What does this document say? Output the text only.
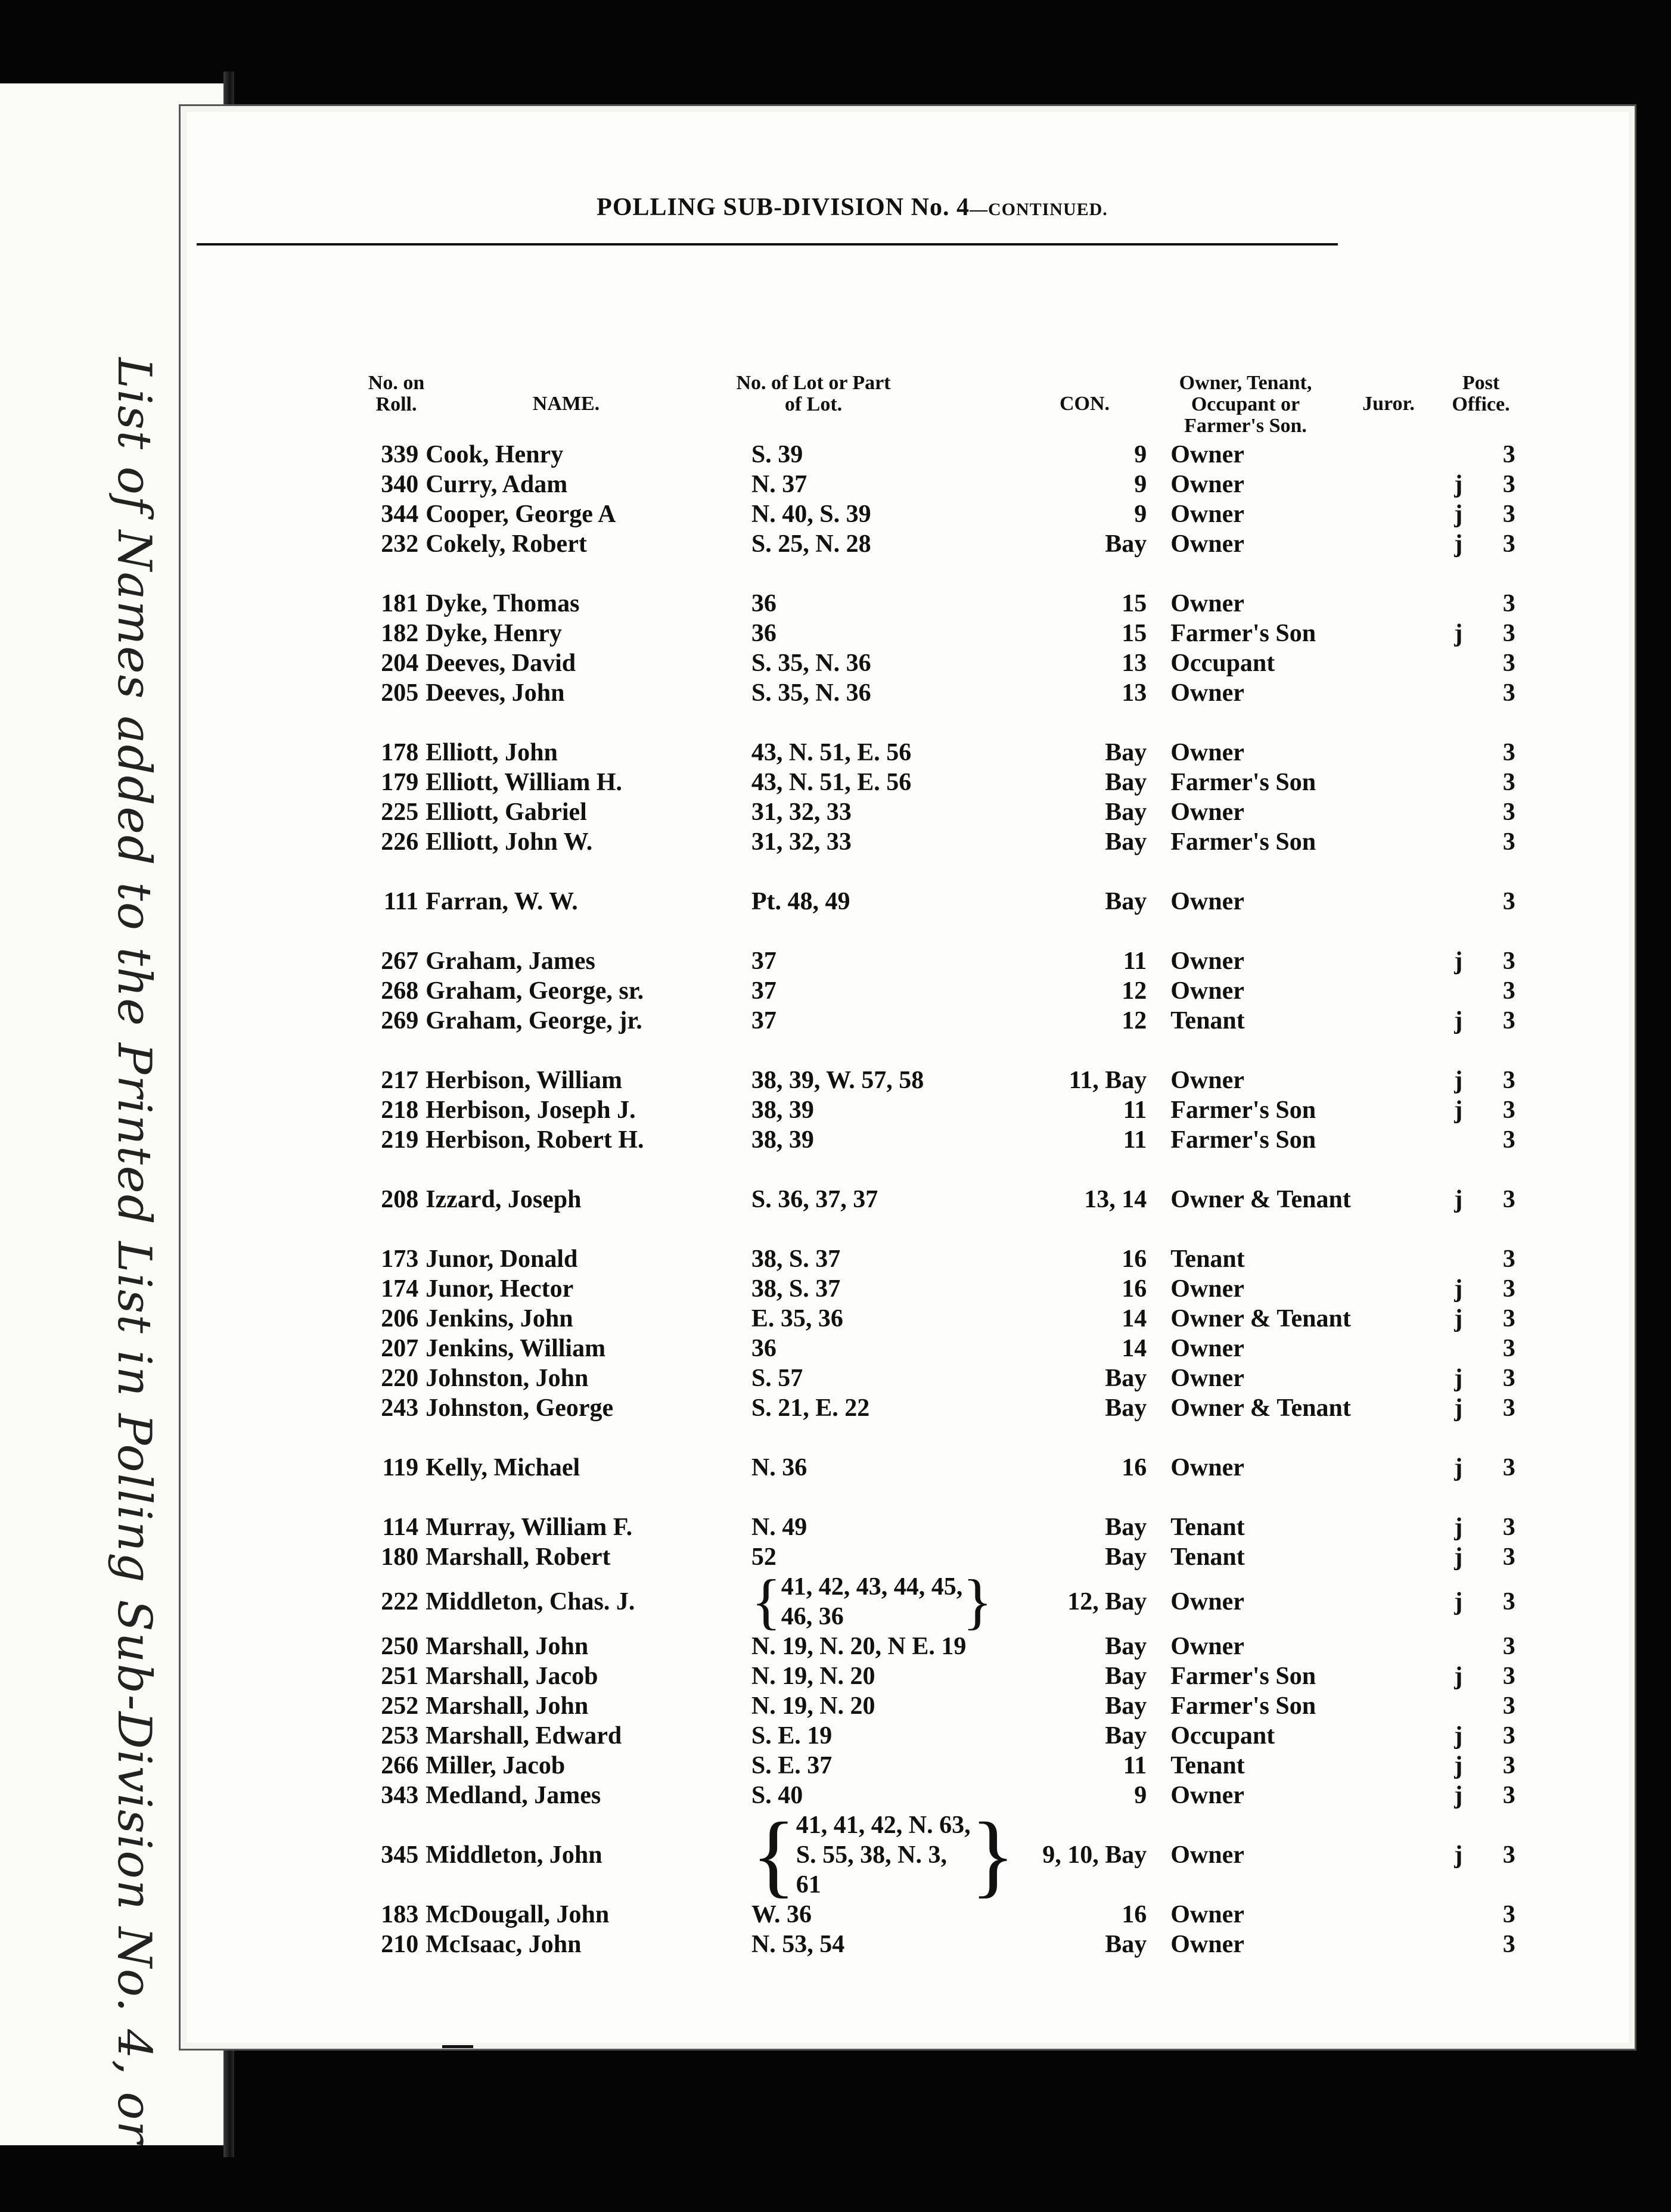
List of Names added to the Printed List in Polling Sub-Division No. 4, or
POLLING SUB-DIVISION No. 4—CONTINUED.
No. on Roll.	NAME.
No. of Lot or Part of Lot.	CON.
Owner, Tenant, Occupant or Farmer's Son.
Juror.
Post Office.
339	Cook, Henry	S. 39	9	Owner		3
340	Curry, Adam	N. 37	9	Owner	j	3
344	Cooper, George A	N. 40, S. 39	9	Owner	j	3
232	Cokely, Robert	S. 25, N. 28	Bay	Owner	j	3

181	Dyke, Thomas	36	15	Owner		3
182	Dyke, Henry	36	15	Farmer's Son	j	3
204	Deeves, David	S. 35, N. 36	13	Occupant		3
205	Deeves, John	S. 35, N. 36	13	Owner		3

178	Elliott, John	43, N. 51, E. 56	Bay	Owner		3
179	Elliott, William H.	43, N. 51, E. 56	Bay	Farmer's Son		3
225	Elliott, Gabriel	31, 32, 33	Bay	Owner		3
226	Elliott, John W.	31, 32, 33	Bay	Farmer's Son		3

111	Farran, W. W.	Pt. 48, 49	Bay	Owner		3

267	Graham, James	37	11	Owner	j	3
268	Graham, George, sr.	37	12	Owner		3
269	Graham, George, jr.	37	12	Tenant	j	3

217	Herbison, William	38, 39, W. 57, 58	11, Bay	Owner	j	3
218	Herbison, Joseph J.	38, 39	11	Farmer's Son	j	3
219	Herbison, Robert H.	38, 39	11	Farmer's Son		3

208	Izzard, Joseph	S. 36, 37, 37	13, 14	Owner & Tenant	j	3

173	Junor, Donald	38, S. 37	16	Tenant		3
174	Junor, Hector	38, S. 37	16	Owner	j	3
206	Jenkins, John	E. 35, 36	14	Owner & Tenant	j	3
207	Jenkins, William	36	14	Owner		3
220	Johnston, John	S. 57	Bay	Owner	j	3
243	Johnston, George	S. 21, E. 22	Bay	Owner & Tenant	j	3

119	Kelly, Michael	N. 36	16	Owner	j	3

114	Murray, William F.	N. 49	Bay	Tenant	j	3
180	Marshall, Robert	52	Bay	Tenant	j	3
222	Middleton, Chas. J.	{ 41, 42, 43, 44, 45,
46, 36 }	12, Bay	Owner	j	3
250	Marshall, John	N. 19, N. 20, N E. 19	Bay	Owner		3
251	Marshall, Jacob	N. 19, N. 20	Bay	Farmer's Son	j	3
252	Marshall, John	N. 19, N. 20	Bay	Farmer's Son		3
253	Marshall, Edward	S. E. 19	Bay	Occupant	j	3
266	Miller, Jacob	S. E. 37	11	Tenant	j	3
343	Medland, James	S. 40	9	Owner	j	3
345	Middleton, John	{ 41, 41, 42, N. 63,
S. 55, 38, N. 3,
61 }	9, 10, Bay	Owner	j	3
183	McDougall, John	W. 36	16	Owner		3
210	McIsaac, John	N. 53, 54	Bay	Owner		3
